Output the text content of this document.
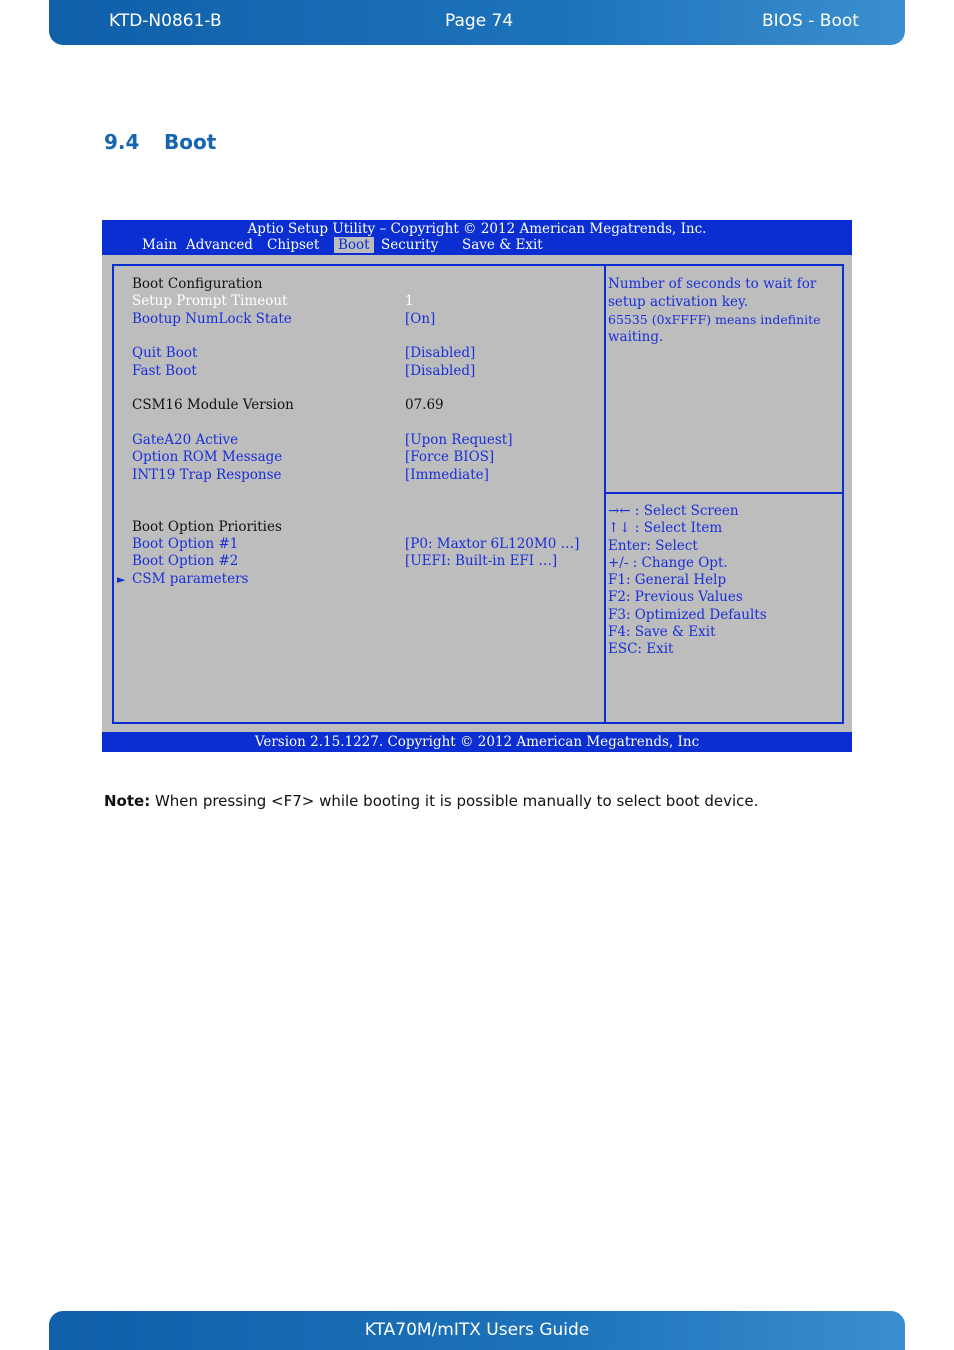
KTD-N0861-B	Page 74	BIOS - Boot
9.4 Boot
Aptio Setup Utility – Copyright © 2012 American Megatrends, Inc.
Main Advanced Chipset Boot Security Save & Exit
Boot Configuration
Setup Prompt Timeout	1
Bootup NumLock State	[On]
Quit Boot	[Disabled]
Fast Boot	[Disabled]
CSM16 Module Version	07.69
GateA20 Active	[Upon Request]
Option ROM Message	[Force BIOS]
INT19 Trap Response	[Immediate]
Boot Option Priorities
Boot Option #1	[P0: Maxtor 6L120M0 …]
Boot Option #2	[UEFI: Built-in EFI …]
► CSM parameters
Number of seconds to wait for
setup activation key.
65535 (0xFFFF) means indefinite
waiting.
→← : Select Screen
↑↓ : Select Item
Enter: Select
+/- : Change Opt.
F1: General Help
F2: Previous Values
F3: Optimized Defaults
F4: Save & Exit
ESC: Exit
Version 2.15.1227. Copyright © 2012 American Megatrends, Inc
Note: When pressing <F7> while booting it is possible manually to select boot device.
KTA70M/mITX Users Guide
